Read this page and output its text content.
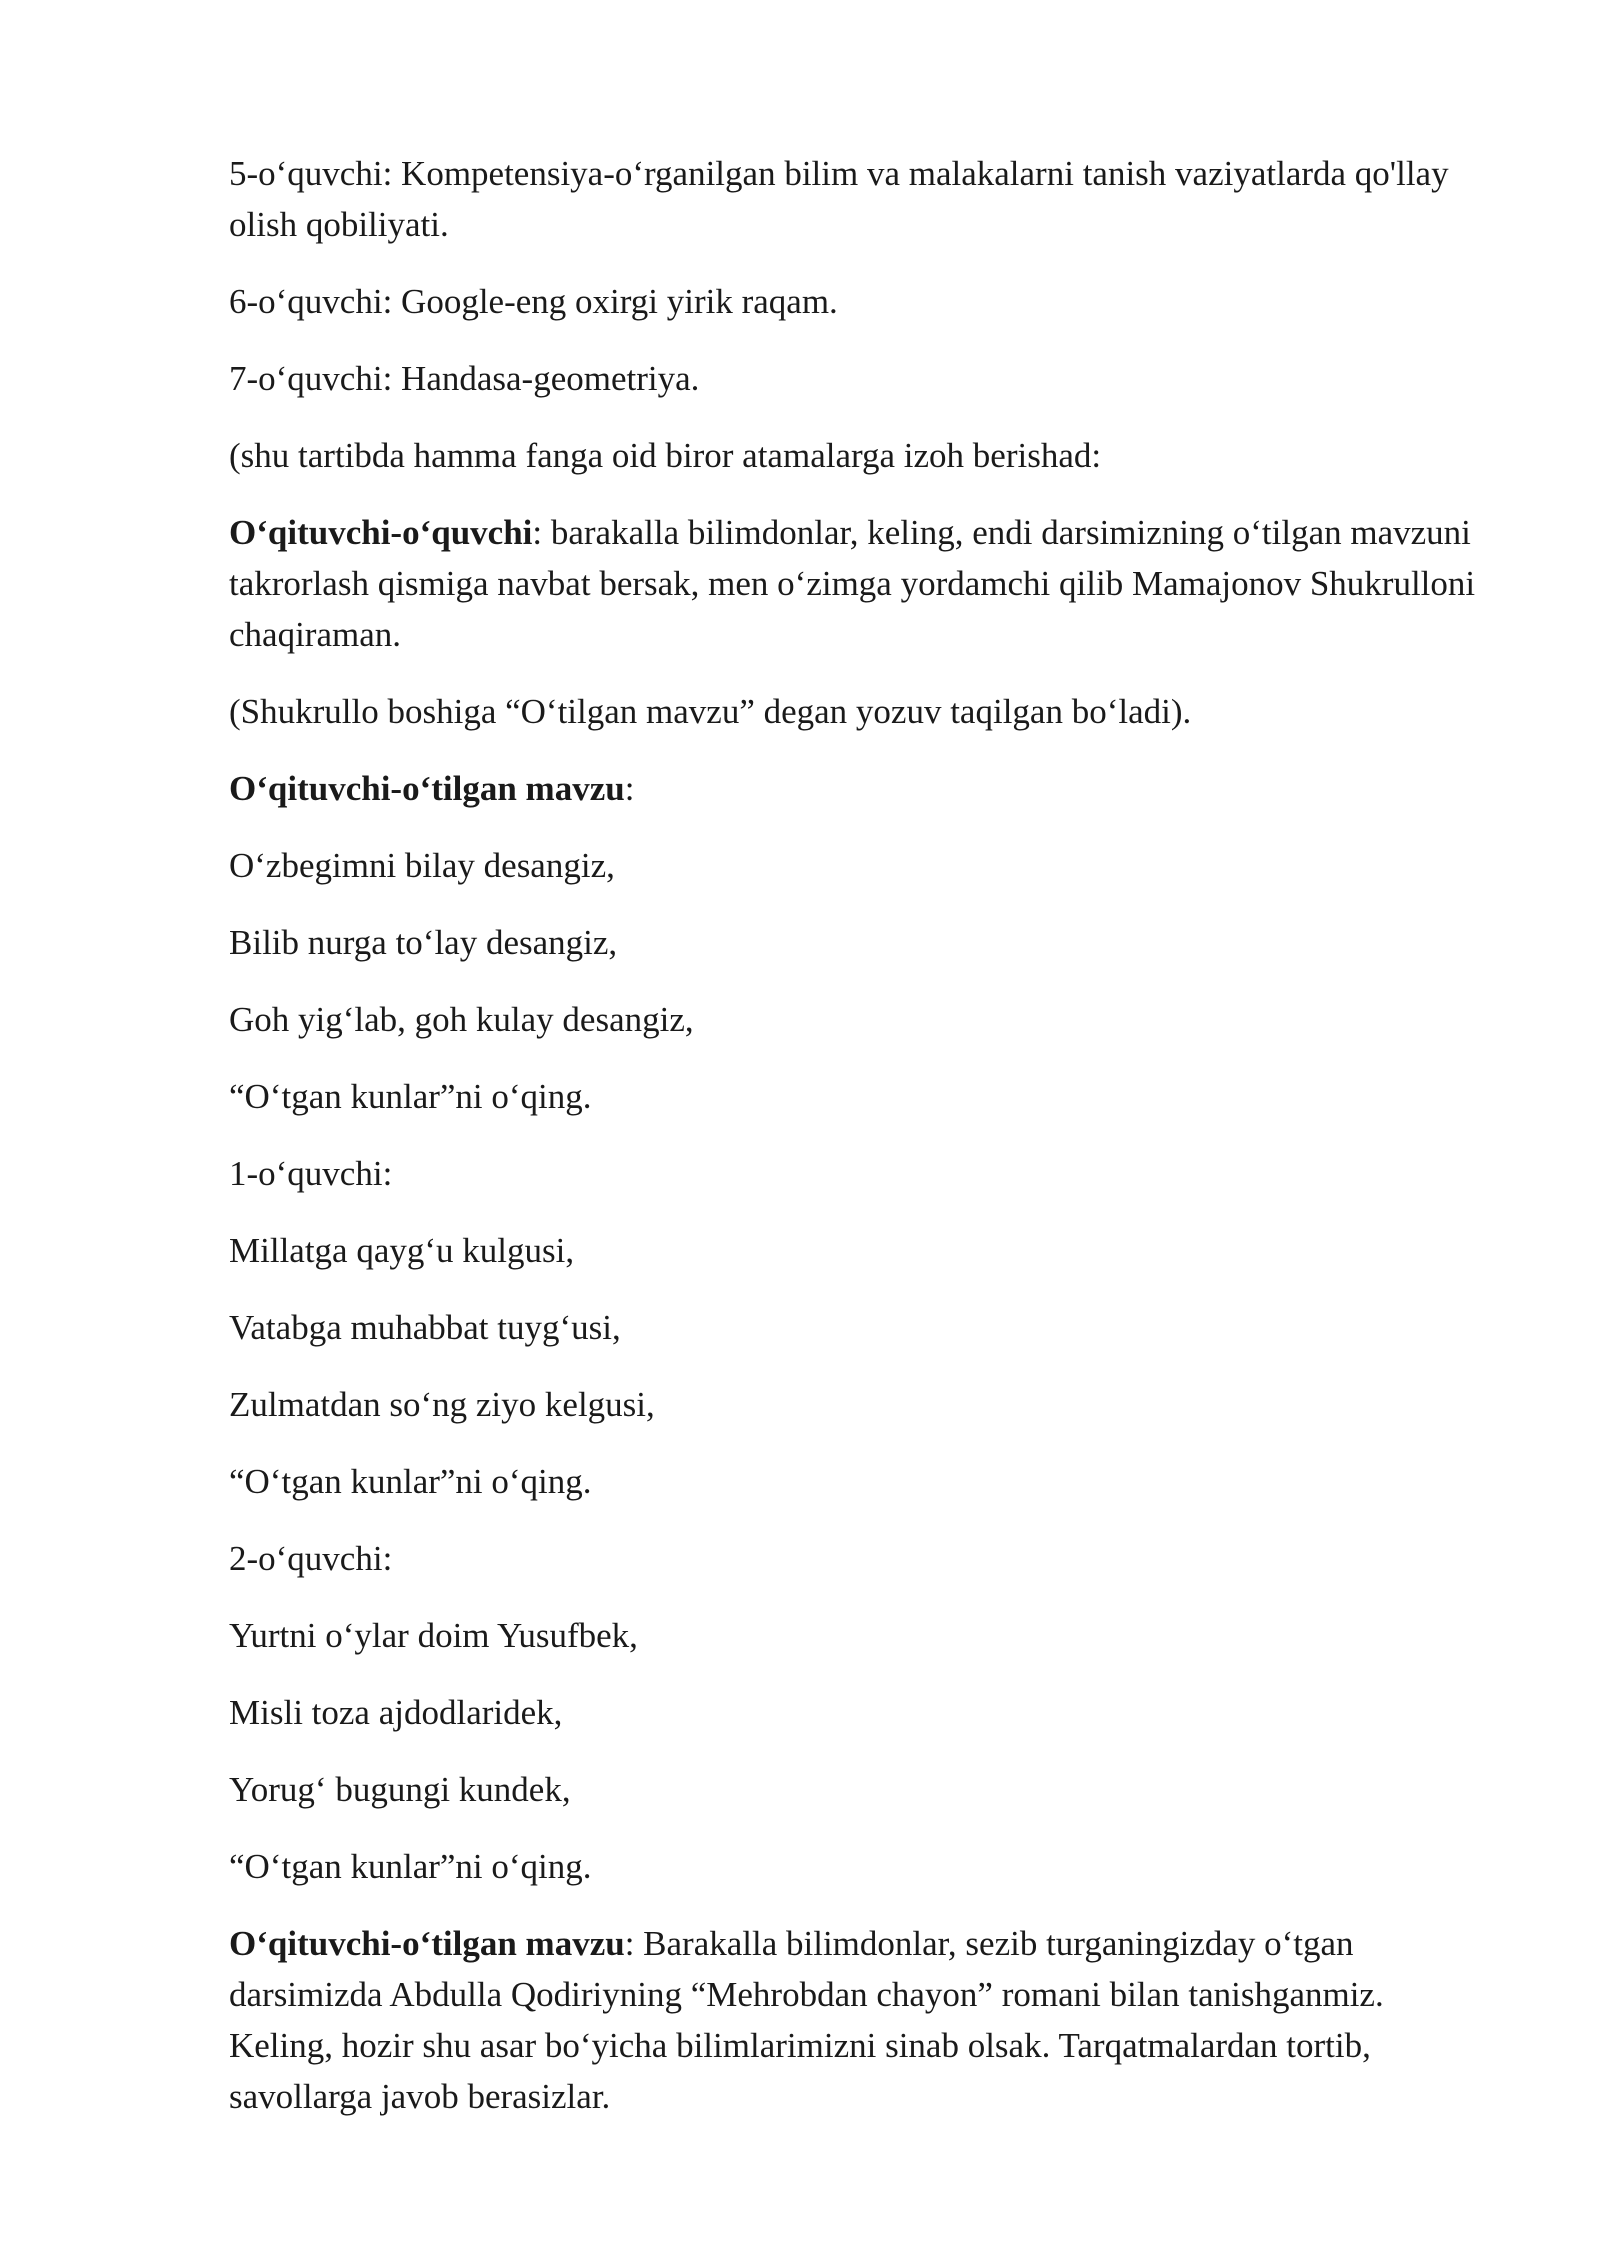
5-o‘quvchi: Kompetensiya-o‘rganilgan bilim va malakalarni tanish vaziyatlarda qo'llay olish qobiliyati.

6-o‘quvchi: Google-eng oxirgi yirik raqam.

7-o‘quvchi: Handasa-geometriya.

(shu tartibda hamma fanga oid biror atamalarga izoh berishad:

O‘qituvchi-o‘quvchi: barakalla bilimdonlar, keling, endi darsimizning o‘tilgan mavzuni takrorlash qismiga navbat bersak, men o‘zimga yordamchi qilib Mamajonov Shukrulloni chaqiraman.

(Shukrullo boshiga “O‘tilgan mavzu” degan yozuv taqilgan bo‘ladi).

O‘qituvchi-o‘tilgan mavzu:

O‘zbegimni bilay desangiz,

Bilib nurga to‘lay desangiz,

Goh yig‘lab, goh kulay desangiz,

“O‘tgan kunlar”ni o‘qing.

1-o‘quvchi:

Millatga qayg‘u kulgusi,

Vatabga muhabbat tuyg‘usi,

Zulmatdan so‘ng ziyo kelgusi,

“O‘tgan kunlar”ni o‘qing.

2-o‘quvchi:

Yurtni o‘ylar doim Yusufbek,

Misli toza ajdodlaridek,

Yorug‘ bugungi kundek,

“O‘tgan kunlar”ni o‘qing.

O‘qituvchi-o‘tilgan mavzu: Barakalla bilimdonlar, sezib turganingizday o‘tgan darsimizda Abdulla Qodiriyning “Mehrobdan chayon” romani bilan tanishganmiz. Keling, hozir shu asar bo‘yicha bilimlarimizni sinab olsak. Tarqatmalardan tortib, savollarga javob berasizlar.
